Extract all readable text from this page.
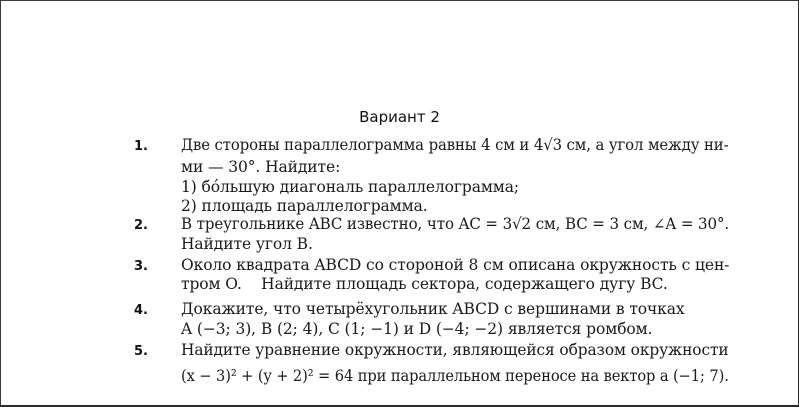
Вариант 2
1. Две стороны параллелограмма равны 4 см и 4√3 см, а угол между ни-
ми — 30°. Найдите:
1) бóльшую диагональ параллелограмма;
2) площадь параллелограмма.
2. В треугольнике ABC известно, что AC = 3√2 см, BC = 3 см, ∠A = 30°.
Найдите угол B.
3. Около квадрата ABCD со стороной 8 см описана окружность с цен-
тром O.    Найдите площадь сектора, содержащего дугу BC.
4. Докажите, что четырёхугольник ABCD с вершинами в точках
A (−3; 3), B (2; 4), C (1; −1) и D (−4; −2) является ромбом.
5. Найдите уравнение окружности, являющейся образом окружности
(x − 3)² + (y + 2)² = 64 при параллельном переносе на вектор a (−1; 7).
